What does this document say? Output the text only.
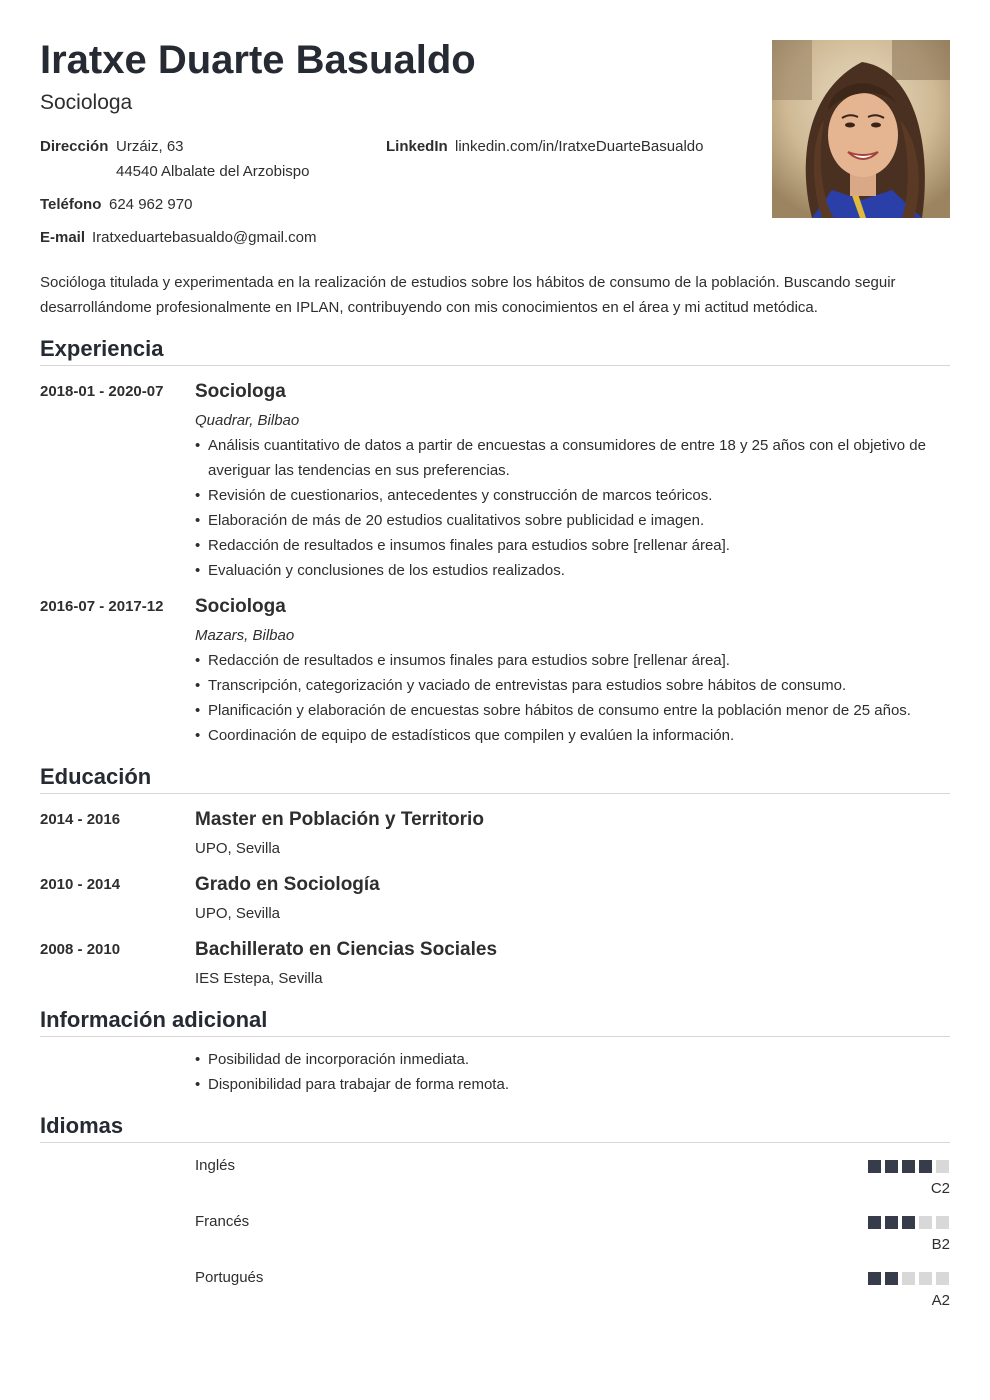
Iratxe Duarte Basualdo
Sociologa
Dirección Urzáiz, 63
44540 Albalate del Arzobispo
LinkedIn linkedin.com/in/IratxeDuarteBasualdo
Teléfono 624 962 970
E-mail Iratxeduartebasualdo@gmail.com

Socióloga titulada y experimentada en la realización de estudios sobre los hábitos de consumo de la población. Buscando seguir desarrollándome profesionalmente en IPLAN, contribuyendo con mis conocimientos en el área y mi actitud metódica.

Experiencia
2018-01 - 2020-07 Sociologa
Quadrar, Bilbao
• Análisis cuantitativo de datos a partir de encuestas a consumidores de entre 18 y 25 años con el objetivo de averiguar las tendencias en sus preferencias.
• Revisión de cuestionarios, antecedentes y construcción de marcos teóricos.
• Elaboración de más de 20 estudios cualitativos sobre publicidad e imagen.
• Redacción de resultados e insumos finales para estudios sobre [rellenar área].
• Evaluación y conclusiones de los estudios realizados.
2016-07 - 2017-12 Sociologa
Mazars, Bilbao
• Redacción de resultados e insumos finales para estudios sobre [rellenar área].
• Transcripción, categorización y vaciado de entrevistas para estudios sobre hábitos de consumo.
• Planificación y elaboración de encuestas sobre hábitos de consumo entre la población menor de 25 años.
• Coordinación de equipo de estadísticos que compilen y evalúen la información.
Educación
2014 - 2016	Master en Población y Territorio
UPO, Sevilla
2010 - 2014	Grado en Sociología
UPO, Sevilla
2008 - 2010	Bachillerato en Ciencias Sociales
IES Estepa, Sevilla
Información adicional
• Posibilidad de incorporación inmediata.
• Disponibilidad para trabajar de forma remota.
Idiomas
Inglés
C2
Francés
B2
Portugués
A2
